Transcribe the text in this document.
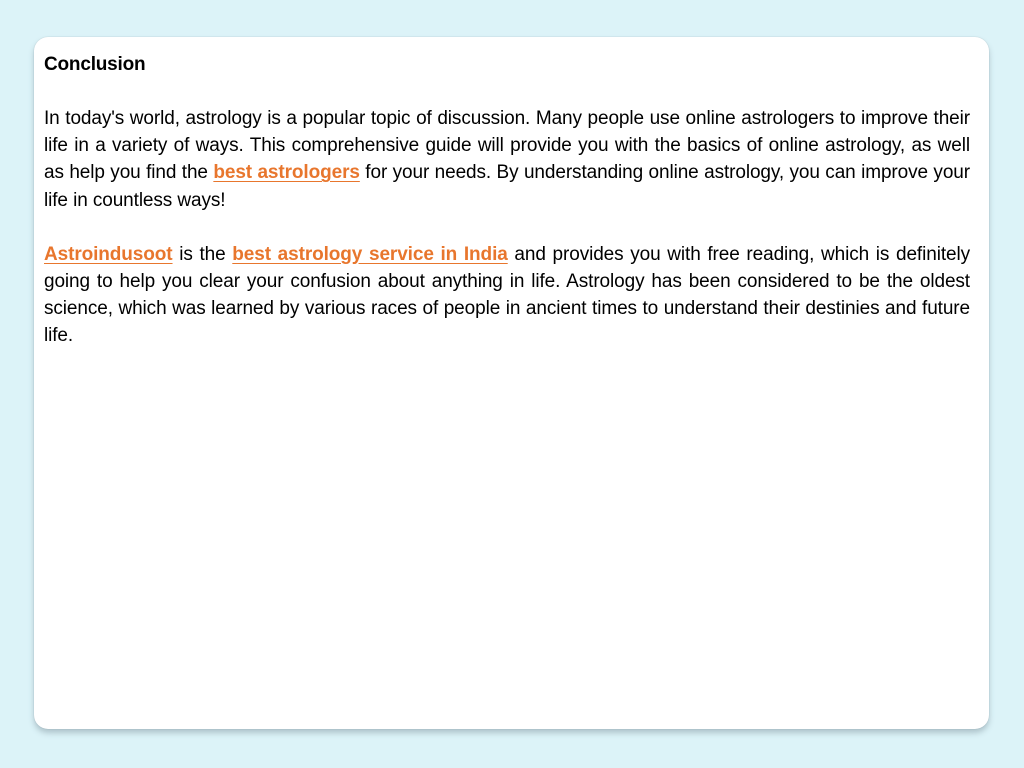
Conclusion

In today's world, astrology is a popular topic of discussion. Many people use online astrologers to improve their life in a variety of ways. This comprehensive guide will provide you with the basics of online astrology, as well as help you find the best astrologers for your needs. By understanding online astrology, you can improve your life in countless ways!

Astroindusoot is the best astrology service in India and provides you with free reading, which is definitely going to help you clear your confusion about anything in life. Astrology has been considered to be the oldest science, which was learned by various races of people in ancient times to understand their destinies and future life.
